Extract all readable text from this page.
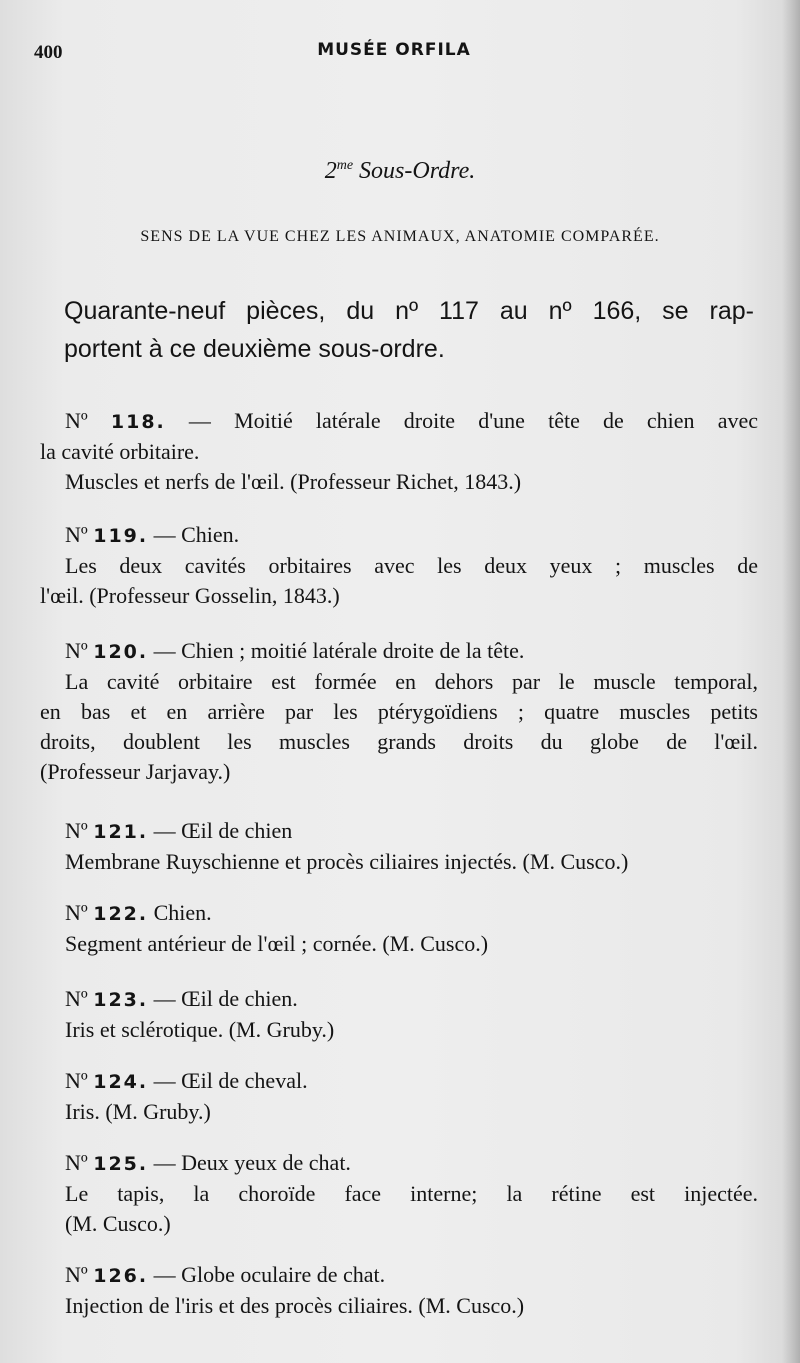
400	MUSÉE ORFILA
$2^{me}$ Sous-Ordre.
SENS DE LA VUE CHEZ LES ANIMAUX, ANATOMIE COMPARÉE.
Quarante-neuf pièces, du nº 117 au nº 166, se rap-
portent à ce deuxième sous-ordre.
Nº 118. — Moitié latérale droite d'une tête de chien avec
la cavité orbitaire.
Muscles et nerfs de l'œil. (Professeur Richet, 1843.)
Nº 119. — Chien.
Les deux cavités orbitaires avec les deux yeux ; muscles de
l'œil. (Professeur Gosselin, 1843.)
Nº 120. — Chien ; moitié latérale droite de la tête.
La cavité orbitaire est formée en dehors par le muscle temporal,
en bas et en arrière par les ptérygoïdiens ; quatre muscles petits
droits, doublent les muscles grands droits du globe de l'œil.
(Professeur Jarjavay.)
Nº 121. — Œil de chien
Membrane Ruyschienne et procès ciliaires injectés. (M. Cusco.)
Nº 122. Chien.
Segment antérieur de l'œil ; cornée. (M. Cusco.)
Nº 123. — Œil de chien.
Iris et sclérotique. (M. Gruby.)
Nº 124. — Œil de cheval.
Iris. (M. Gruby.)
Nº 125. — Deux yeux de chat.
Le tapis, la choroïde face interne; la rétine est injectée.
(M. Cusco.)
Nº 126. — Globe oculaire de chat.
Injection de l'iris et des procès ciliaires. (M. Cusco.)
